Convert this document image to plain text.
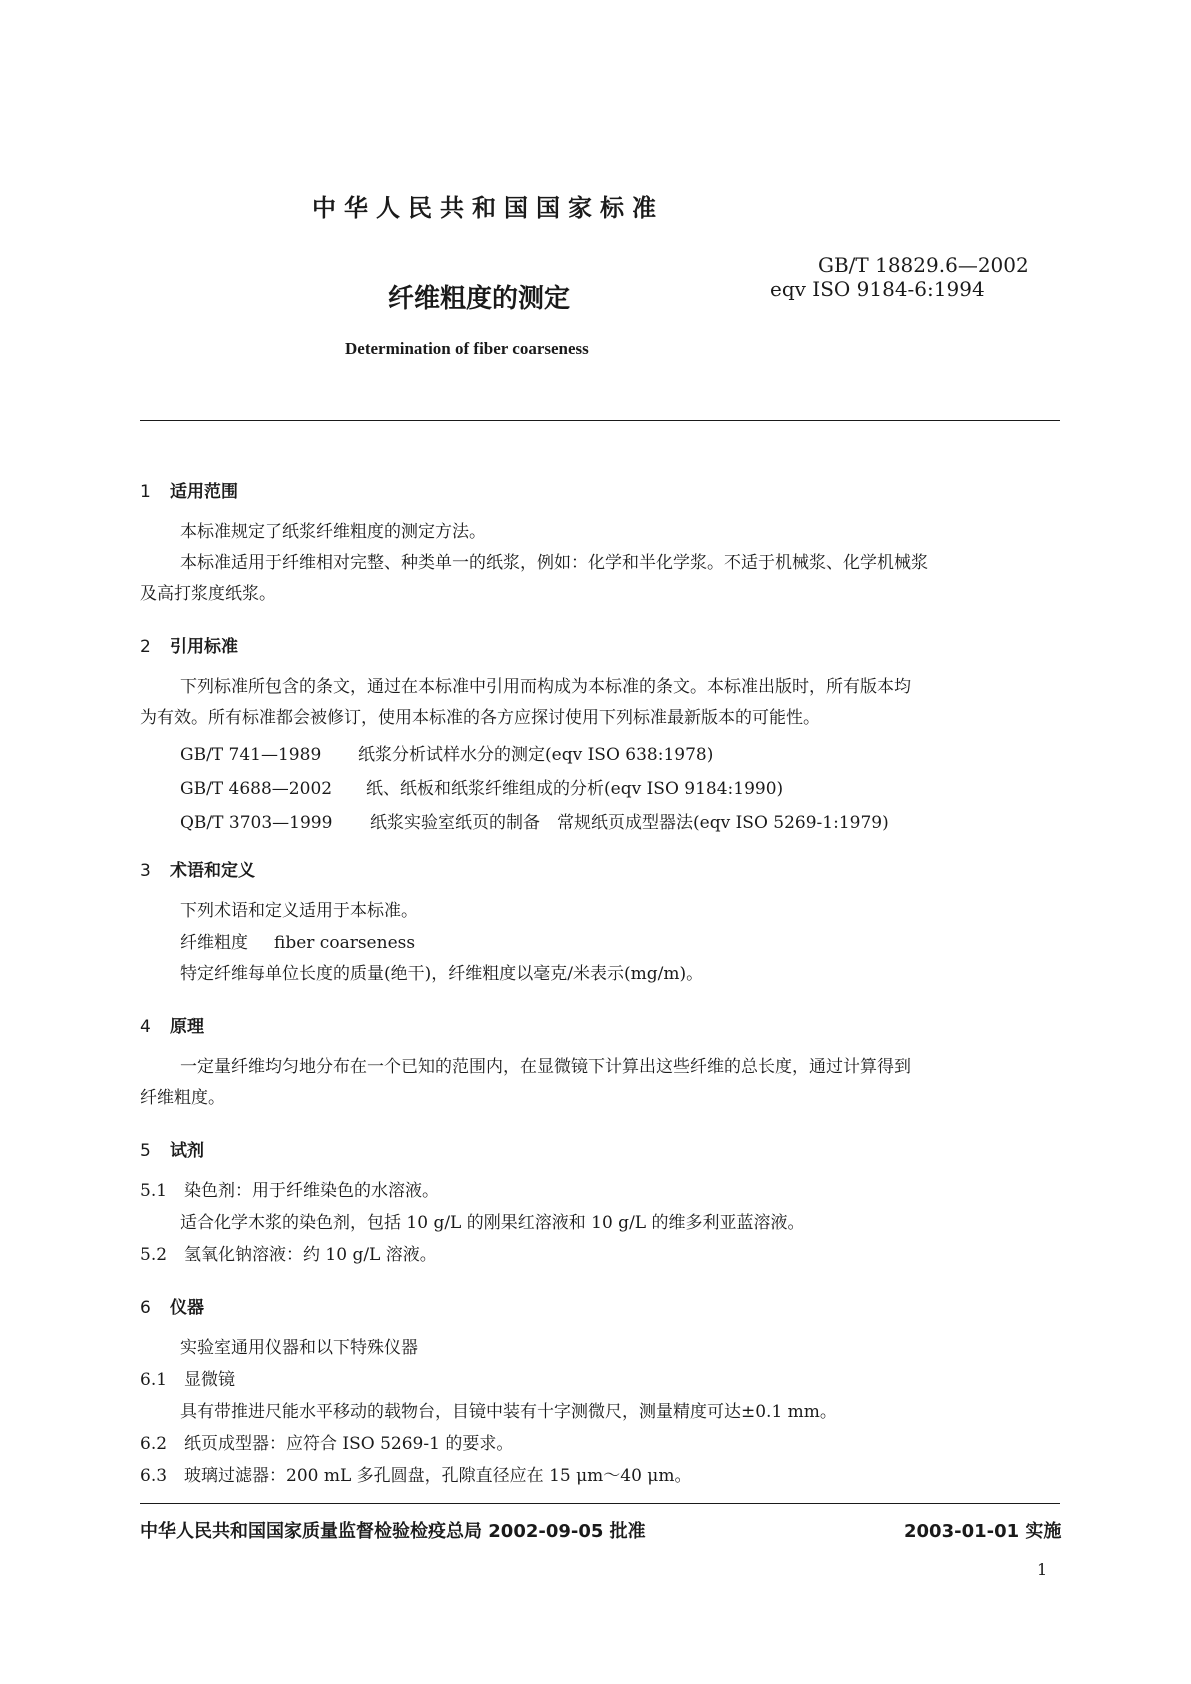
中华人民共和国国家标准
GB/T 18829.6—2002
eqv ISO 9184-6:1994
纤维粗度的测定
Determination of fiber coarseness
1 适用范围
本标准规定了纸浆纤维粗度的测定方法。
本标准适用于纤维相对完整、种类单一的纸浆，例如：化学和半化学浆。不适于机械浆、化学机械浆
及高打浆度纸浆。
2 引用标准
下列标准所包含的条文，通过在本标准中引用而构成为本标准的条文。本标准出版时，所有版本均
为有效。所有标准都会被修订，使用本标准的各方应探讨使用下列标准最新版本的可能性。
GB/T 741—1989 纸浆分析试样水分的测定(eqv ISO 638:1978)
GB/T 4688—2002 纸、纸板和纸浆纤维组成的分析(eqv ISO 9184:1990)
QB/T 3703—1999 纸浆实验室纸页的制备　常规纸页成型器法(eqv ISO 5269-1:1979)
3 术语和定义
下列术语和定义适用于本标准。
纤维粗度 fiber coarseness
特定纤维每单位长度的质量(绝干)，纤维粗度以毫克/米表示(mg/m)。
4 原理
一定量纤维均匀地分布在一个已知的范围内，在显微镜下计算出这些纤维的总长度，通过计算得到
纤维粗度。
5 试剂
5.1 染色剂：用于纤维染色的水溶液。
适合化学木浆的染色剂，包括 10 g/L 的刚果红溶液和 10 g/L 的维多利亚蓝溶液。
5.2 氢氧化钠溶液：约 10 g/L 溶液。
6 仪器
实验室通用仪器和以下特殊仪器
6.1 显微镜
具有带推进尺能水平移动的载物台，目镜中装有十字测微尺，测量精度可达±0.1 mm。
6.2 纸页成型器：应符合 ISO 5269-1 的要求。
6.3 玻璃过滤器：200 mL 多孔圆盘，孔隙直径应在 15 μm～40 μm。
中华人民共和国国家质量监督检验检疫总局 2002-09-05 批准	2003-01-01 实施
1
